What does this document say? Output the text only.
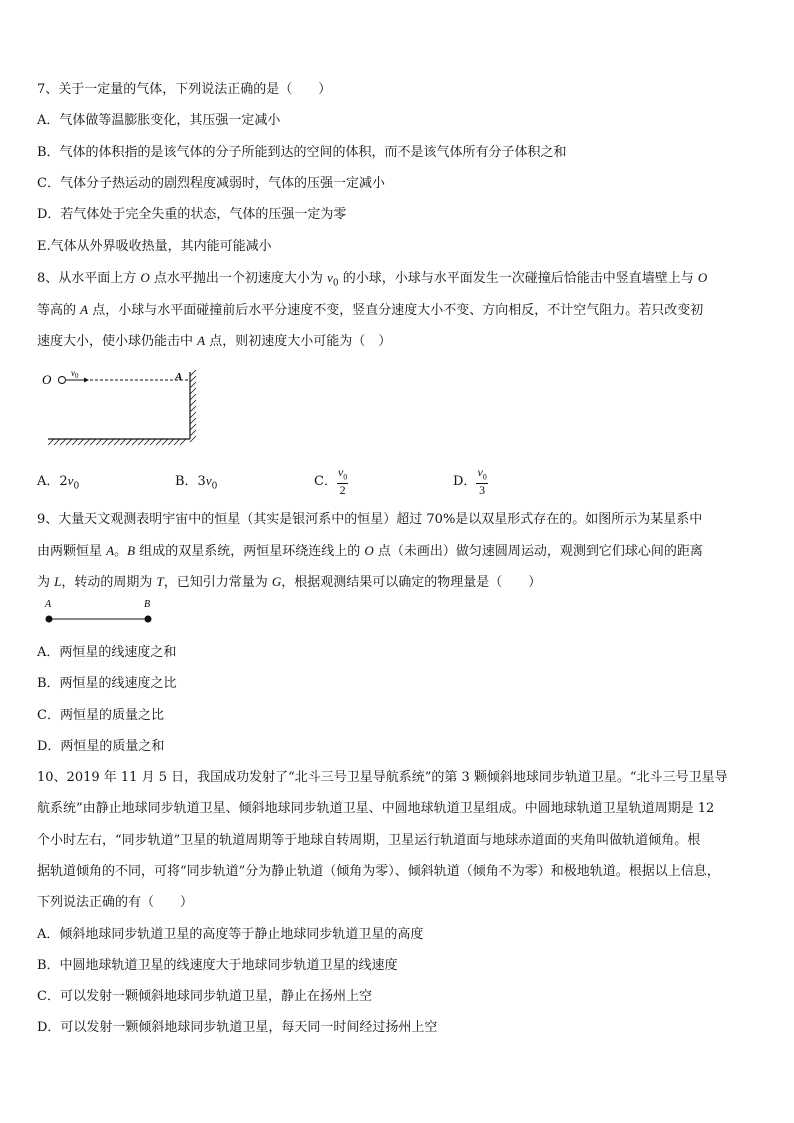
7、关于一定量的气体，下列说法正确的是（　　）
A．气体做等温膨胀变化，其压强一定减小
B．气体的体积指的是该气体的分子所能到达的空间的体积，而不是该气体所有分子体积之和
C．气体分子热运动的剧烈程度减弱时，气体的压强一定减小
D．若气体处于完全失重的状态，气体的压强一定为零
E.气体从外界吸收热量，其内能可能减小
8、从水平面上方 O 点水平抛出一个初速度大小为 $v_0$ 的小球，小球与水平面发生一次碰撞后恰能击中竖直墙壁上与 O
等高的 A 点，小球与水平面碰撞前后水平分速度不变，竖直分速度大小不变、方向相反，不计空气阻力。若只改变初
速度大小，使小球仍能击中 A 点，则初速度大小可能为（　）
O $v_0$	A
A．$2v_0$	B．$3v_0$	C． $\frac{v_0}{2}$	D． $\frac{v_0}{3}$
9、大量天文观测表明宇宙中的恒星（其实是银河系中的恒星）超过 70%是以双星形式存在的。如图所示为某星系中
由两颗恒星 A。B 组成的双星系统，两恒星环绕连线上的 O 点（未画出）做匀速圆周运动，观测到它们球心间的距离
为 L，转动的周期为 T，已知引力常量为 G，根据观测结果可以确定的物理量是（　　）
A	B
A．两恒星的线速度之和
B．两恒星的线速度之比
C．两恒星的质量之比
D．两恒星的质量之和
10、2019 年 11 月 5 日，我国成功发射了“北斗三号卫星导航系统”的第 3 颗倾斜地球同步轨道卫星。“北斗三号卫星导
航系统”由静止地球同步轨道卫星、倾斜地球同步轨道卫星、中圆地球轨道卫星组成。中圆地球轨道卫星轨道周期是 12
个小时左右，“同步轨道”卫星的轨道周期等于地球自转周期，卫星运行轨道面与地球赤道面的夹角叫做轨道倾角。根
据轨道倾角的不同，可将“同步轨道”分为静止轨道（倾角为零）、倾斜轨道（倾角不为零）和极地轨道。根据以上信息，
下列说法正确的有（　　）
A．倾斜地球同步轨道卫星的高度等于静止地球同步轨道卫星的高度
B．中圆地球轨道卫星的线速度大于地球同步轨道卫星的线速度
C．可以发射一颗倾斜地球同步轨道卫星，静止在扬州上空
D．可以发射一颗倾斜地球同步轨道卫星，每天同一时间经过扬州上空
